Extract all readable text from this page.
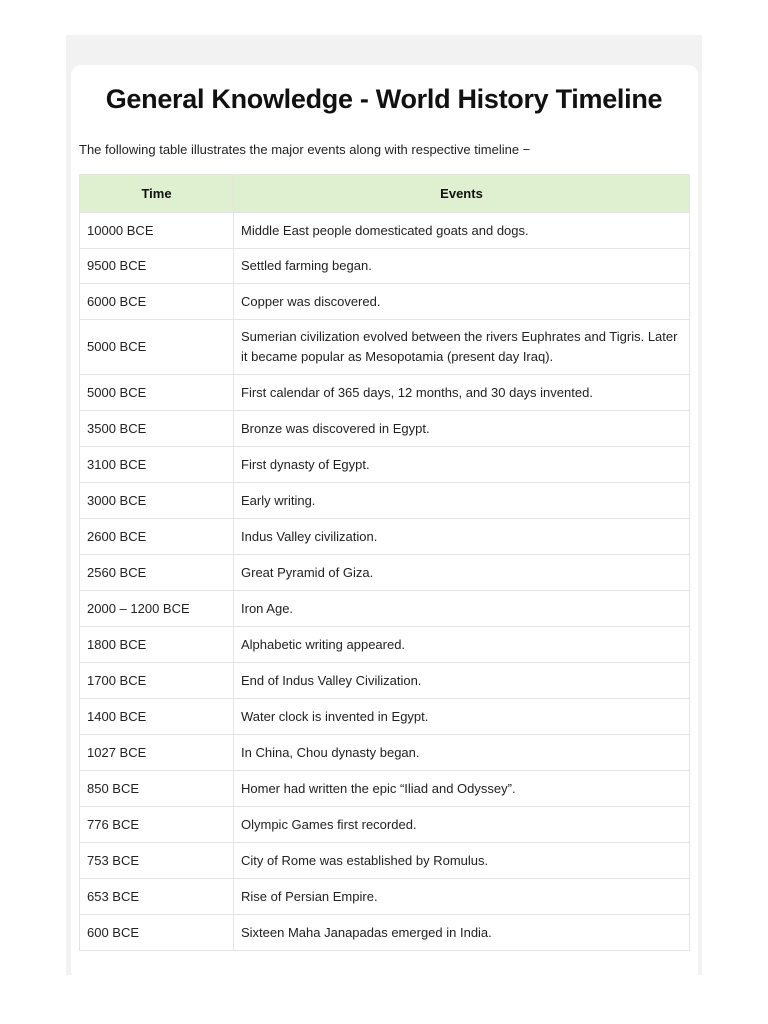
General Knowledge - World History Timeline

The following table illustrates the major events along with respective timeline −

Time	Events
10000 BCE	Middle East people domesticated goats and dogs.
9500 BCE	Settled farming began.
6000 BCE	Copper was discovered.
5000 BCE	Sumerian civilization evolved between the rivers Euphrates and Tigris. Later it became popular as Mesopotamia (present day Iraq).
5000 BCE	First calendar of 365 days, 12 months, and 30 days invented.
3500 BCE	Bronze was discovered in Egypt.
3100 BCE	First dynasty of Egypt.
3000 BCE	Early writing.
2600 BCE	Indus Valley civilization.
2560 BCE	Great Pyramid of Giza.
2000 – 1200 BCE	Iron Age.
1800 BCE	Alphabetic writing appeared.
1700 BCE	End of Indus Valley Civilization.
1400 BCE	Water clock is invented in Egypt.
1027 BCE	In China, Chou dynasty began.
850 BCE	Homer had written the epic “Iliad and Odyssey”.
776 BCE	Olympic Games first recorded.
753 BCE	City of Rome was established by Romulus.
653 BCE	Rise of Persian Empire.
600 BCE	Sixteen Maha Janapadas emerged in India.
